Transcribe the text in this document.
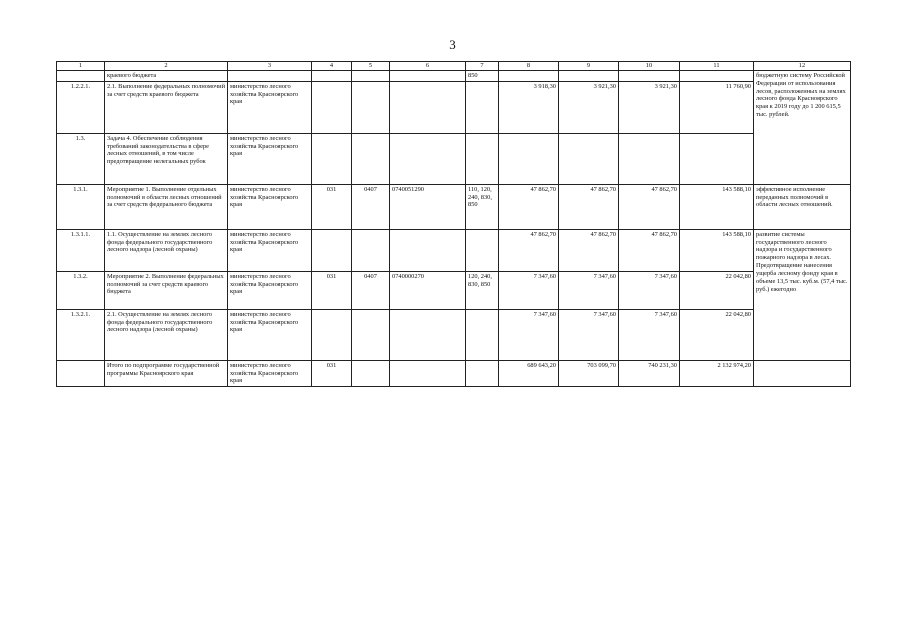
3
1	2	3	4	5	6	7	8	9	10	11	12
	краевого бюджета					850					бюджетную систему Российской Федерации от использования лесов, расположенных на землях лесного фонда Красноярского края к 2019 году до 1 200 615,5 тыс. рублей.
1.2.2.1.	2.1. Выполнение федеральных полномочий за счет средств краевого бюджета	министерство лесного хозяйства Красноярского края					3 918,30	3 921,30	3 921,30	11 760,90	
1.3.	Задача 4. Обеспечение соблюдения требований законодательства в сфере лесных отношений, в том числе предотвращение нелегальных рубок	министерство лесного хозяйства Красноярского края									
1.3.1.	Мероприятие 1. Выполнение отдельных полномочий в области лесных отношений за счет средств федерального бюджета	министерство лесного хозяйства Красноярского края	031	0407	0740051290	110, 120, 240, 830, 850	47 862,70	47 862,70	47 862,70	143 588,10	эффективное исполнение переданных полномочий в области лесных отношений.
1.3.1.1.	1.1. Осуществление на землях лесного фонда федерального государственного лесного надзора (лесной охраны)	министерство лесного хозяйства Красноярского края					47 862,70	47 862,70	47 862,70	143 588,10	развитие системы государственного лесного надзора и государственного пожарного надзора в лесах. Предотвращение нанесения ущерба лесному фонду края в объеме 13,5 тыс. куб.м. (57,4 тыс. руб.) ежегодно
1.3.2.	Мероприятие 2. Выполнение федеральных полномочий за счет средств краевого бюджета	министерство лесного хозяйства Красноярского края	031	0407	0740000270	120, 240, 830, 850	7 347,60	7 347,60	7 347,60	22 042,80	
1.3.2.1.	2.1. Осуществление на землях лесного фонда федерального государственного лесного надзора (лесной охраны)	министерство лесного хозяйства Красноярского края					7 347,60	7 347,60	7 347,60	22 042,80	
	Итого по подпрограмме государственной программы Красноярского края	министерство лесного хозяйства Красноярского края	031				689 643,20	703 099,70	740 231,30	2 132 974,20	
